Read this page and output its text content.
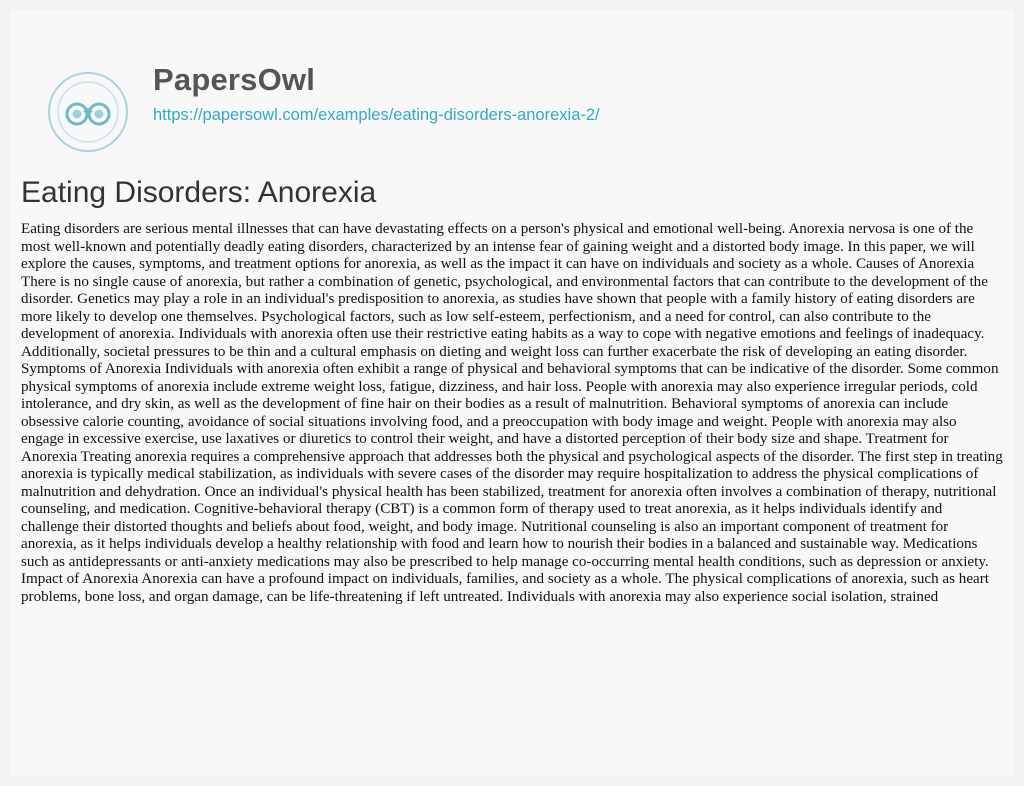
PapersOwl
https://papersowl.com/examples/eating-disorders-anorexia-2/
Eating Disorders: Anorexia

Eating disorders are serious mental illnesses that can have devastating effects on a person's physical and emotional well-being. Anorexia nervosa is one of the most well-known and potentially deadly eating disorders, characterized by an intense fear of gaining weight and a distorted body image. In this paper, we will explore the causes, symptoms, and treatment options for anorexia, as well as the impact it can have on individuals and society as a whole. Causes of Anorexia There is no single cause of anorexia, but rather a combination of genetic, psychological, and environmental factors that can contribute to the development of the disorder. Genetics may play a role in an individual's predisposition to anorexia, as studies have shown that people with a family history of eating disorders are more likely to develop one themselves. Psychological factors, such as low self-esteem, perfectionism, and a need for control, can also contribute to the development of anorexia. Individuals with anorexia often use their restrictive eating habits as a way to cope with negative emotions and feelings of inadequacy. Additionally, societal pressures to be thin and a cultural emphasis on dieting and weight loss can further exacerbate the risk of developing an eating disorder. Symptoms of Anorexia Individuals with anorexia often exhibit a range of physical and behavioral symptoms that can be indicative of the disorder. Some common physical symptoms of anorexia include extreme weight loss, fatigue, dizziness, and hair loss. People with anorexia may also experience irregular periods, cold intolerance, and dry skin, as well as the development of fine hair on their bodies as a result of malnutrition. Behavioral symptoms of anorexia can include obsessive calorie counting, avoidance of social situations involving food, and a preoccupation with body image and weight. People with anorexia may also engage in excessive exercise, use laxatives or diuretics to control their weight, and have a distorted perception of their body size and shape. Treatment for Anorexia Treating anorexia requires a comprehensive approach that addresses both the physical and psychological aspects of the disorder. The first step in treating anorexia is typically medical stabilization, as individuals with severe cases of the disorder may require hospitalization to address the physical complications of malnutrition and dehydration. Once an individual's physical health has been stabilized, treatment for anorexia often involves a combination of therapy, nutritional counseling, and medication. Cognitive-behavioral therapy (CBT) is a common form of therapy used to treat anorexia, as it helps individuals identify and challenge their distorted thoughts and beliefs about food, weight, and body image. Nutritional counseling is also an important component of treatment for anorexia, as it helps individuals develop a healthy relationship with food and learn how to nourish their bodies in a balanced and sustainable way. Medications such as antidepressants or anti-anxiety medications may also be prescribed to help manage co-occurring mental health conditions, such as depression or anxiety. Impact of Anorexia Anorexia can have a profound impact on individuals, families, and society as a whole. The physical complications of anorexia, such as heart problems, bone loss, and organ damage, can be life-threatening if left untreated. Individuals with anorexia may also experience social isolation, strained
